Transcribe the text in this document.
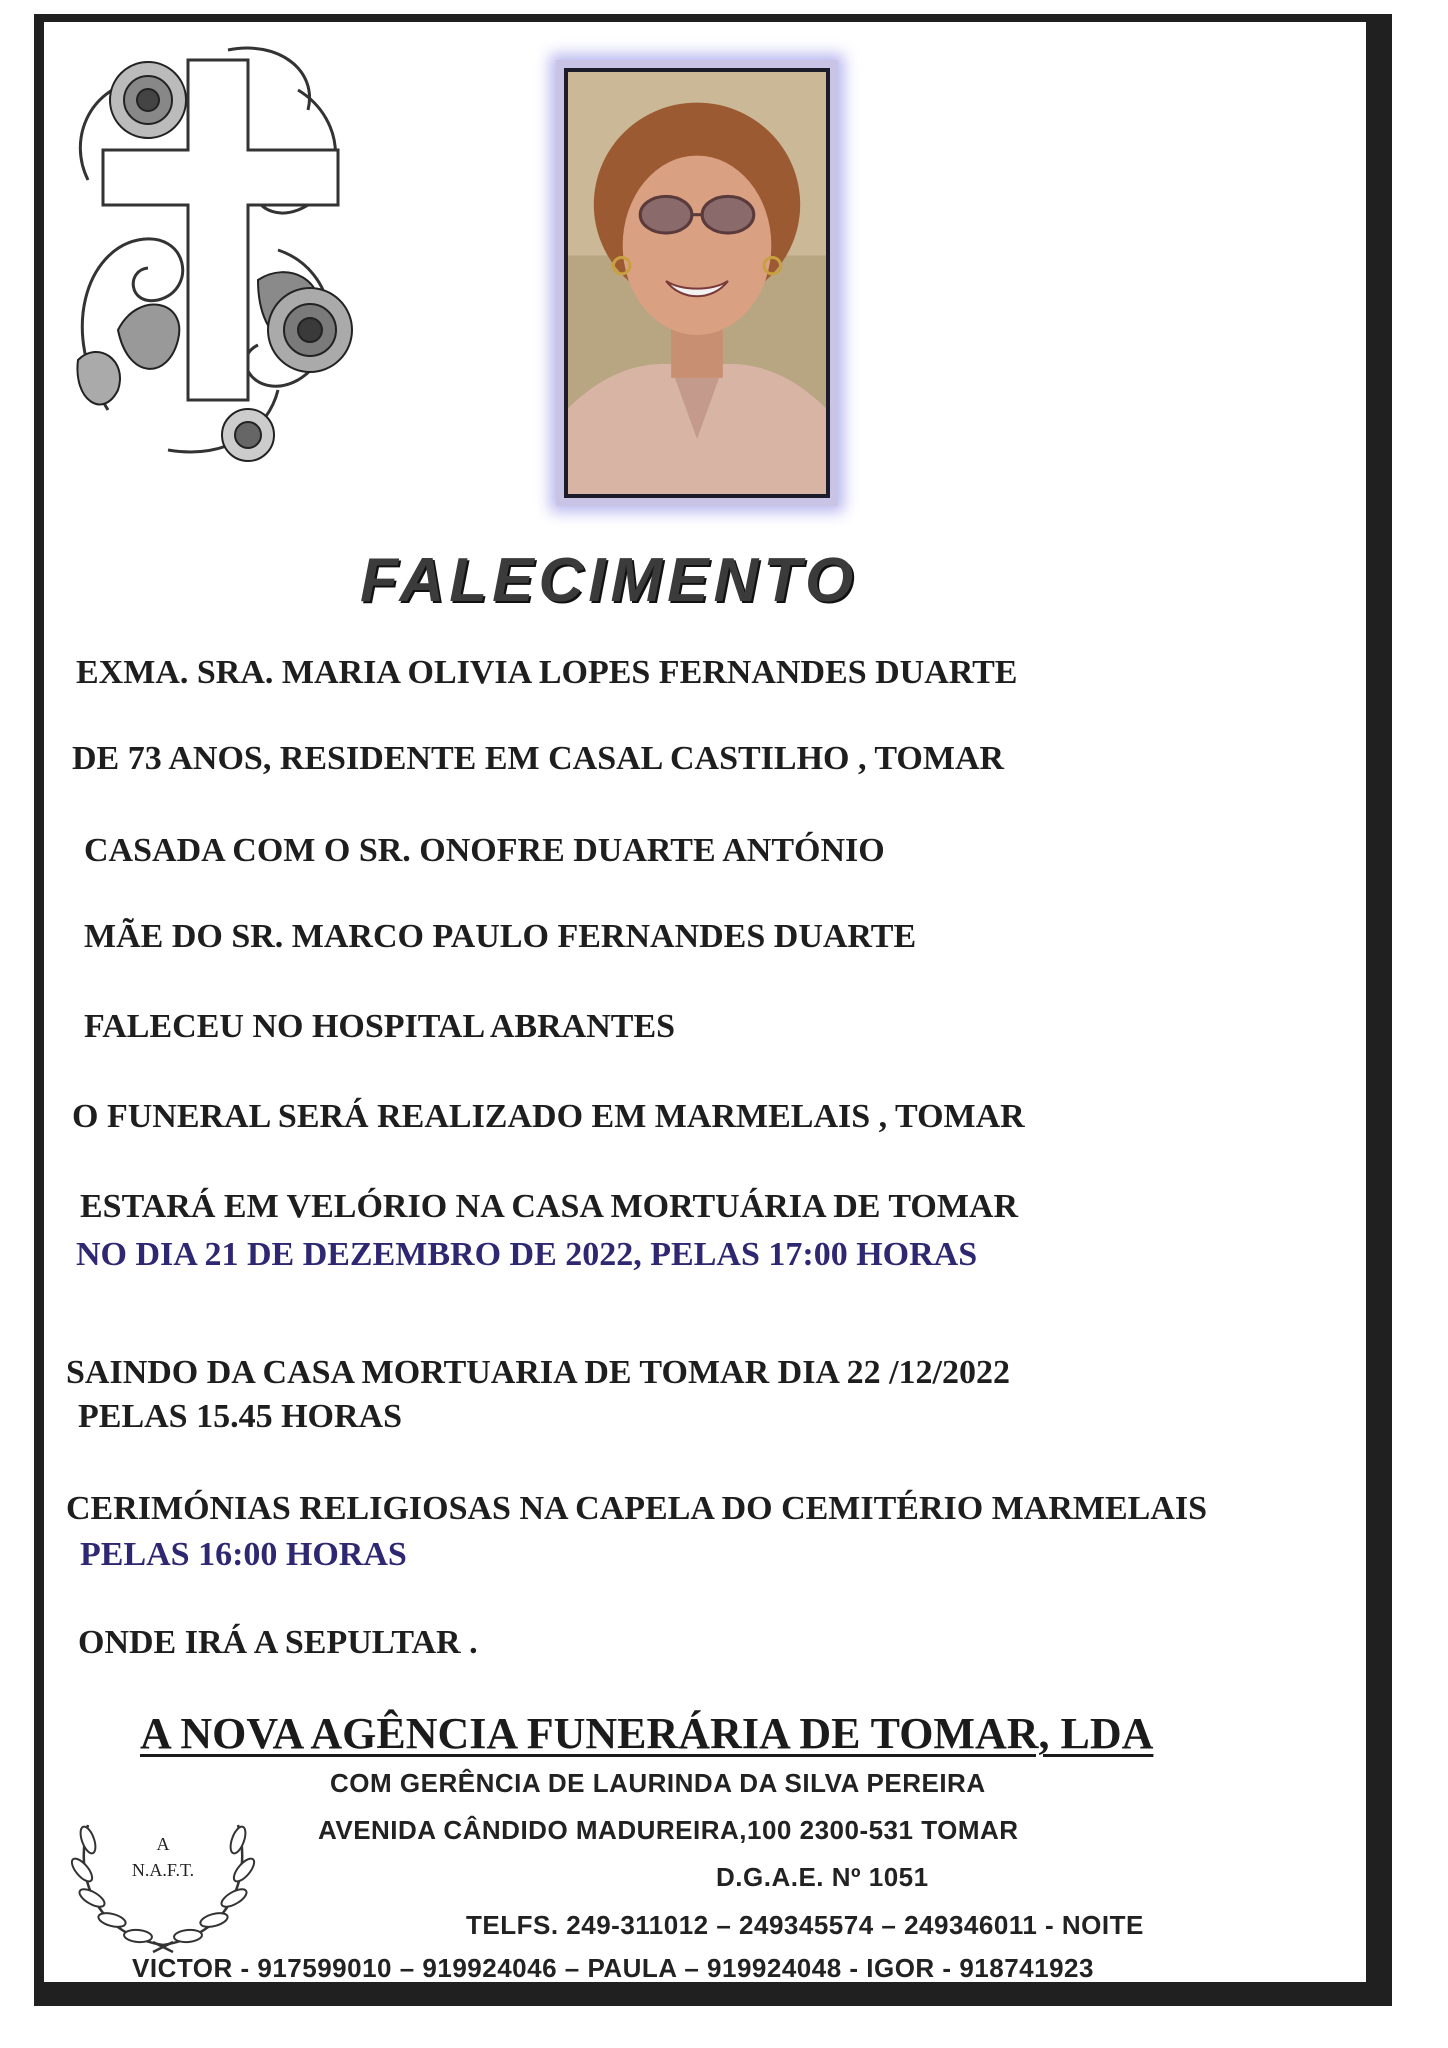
FALECIMENTO
EXMA. SRA. MARIA OLIVIA LOPES FERNANDES DUARTE
DE 73 ANOS, RESIDENTE EM CASAL CASTILHO , TOMAR
CASADA COM O SR. ONOFRE DUARTE ANTÓNIO
MÃE DO SR. MARCO PAULO FERNANDES DUARTE
FALECEU NO HOSPITAL ABRANTES
O FUNERAL SERÁ REALIZADO EM MARMELAIS , TOMAR
ESTARÁ EM VELÓRIO NA CASA MORTUÁRIA DE TOMAR
NO DIA 21 DE DEZEMBRO DE 2022, PELAS 17:00 HORAS
SAINDO DA CASA MORTUARIA DE TOMAR DIA 22 /12/2022
PELAS 15.45 HORAS
CERIMÓNIAS RELIGIOSAS NA CAPELA DO CEMITÉRIO MARMELAIS
PELAS 16:00 HORAS
ONDE IRÁ A SEPULTAR .
A NOVA AGÊNCIA FUNERÁRIA DE TOMAR, LDA
COM GERÊNCIA DE LAURINDA DA SILVA PEREIRA
AVENIDA CÂNDIDO MADUREIRA,100 2300-531 TOMAR
D.G.A.E. Nº 1051
TELFS. 249-311012 – 249345574 – 249346011 - NOITE
VICTOR - 917599010 – 919924046 – PAULA – 919924048 - IGOR - 918741923
A
N.A.F.T.
